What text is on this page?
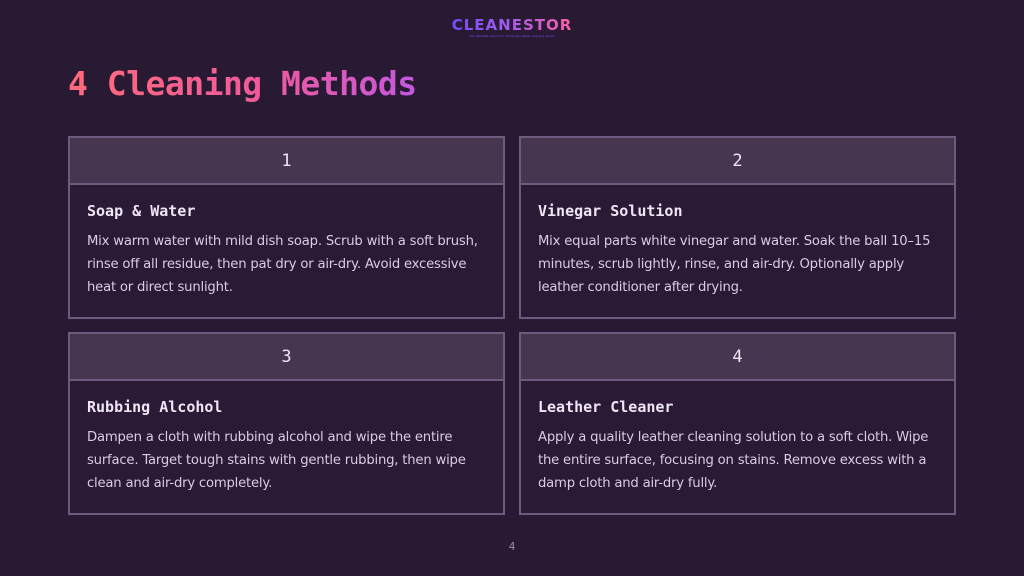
CLEANESTOR
The ultimate source for all the tips about cleaning advice
4 Cleaning Methods
1
Soap & Water
Mix warm water with mild dish soap. Scrub with a soft brush, rinse off all residue, then pat dry or air-dry. Avoid excessive heat or direct sunlight.
2
Vinegar Solution
Mix equal parts white vinegar and water. Soak the ball 10–15 minutes, scrub lightly, rinse, and air-dry. Optionally apply leather conditioner after drying.
3
Rubbing Alcohol
Dampen a cloth with rubbing alcohol and wipe the entire surface. Target tough stains with gentle rubbing, then wipe clean and air-dry completely.
4
Leather Cleaner
Apply a quality leather cleaning solution to a soft cloth. Wipe the entire surface, focusing on stains. Remove excess with a damp cloth and air-dry fully.
4
